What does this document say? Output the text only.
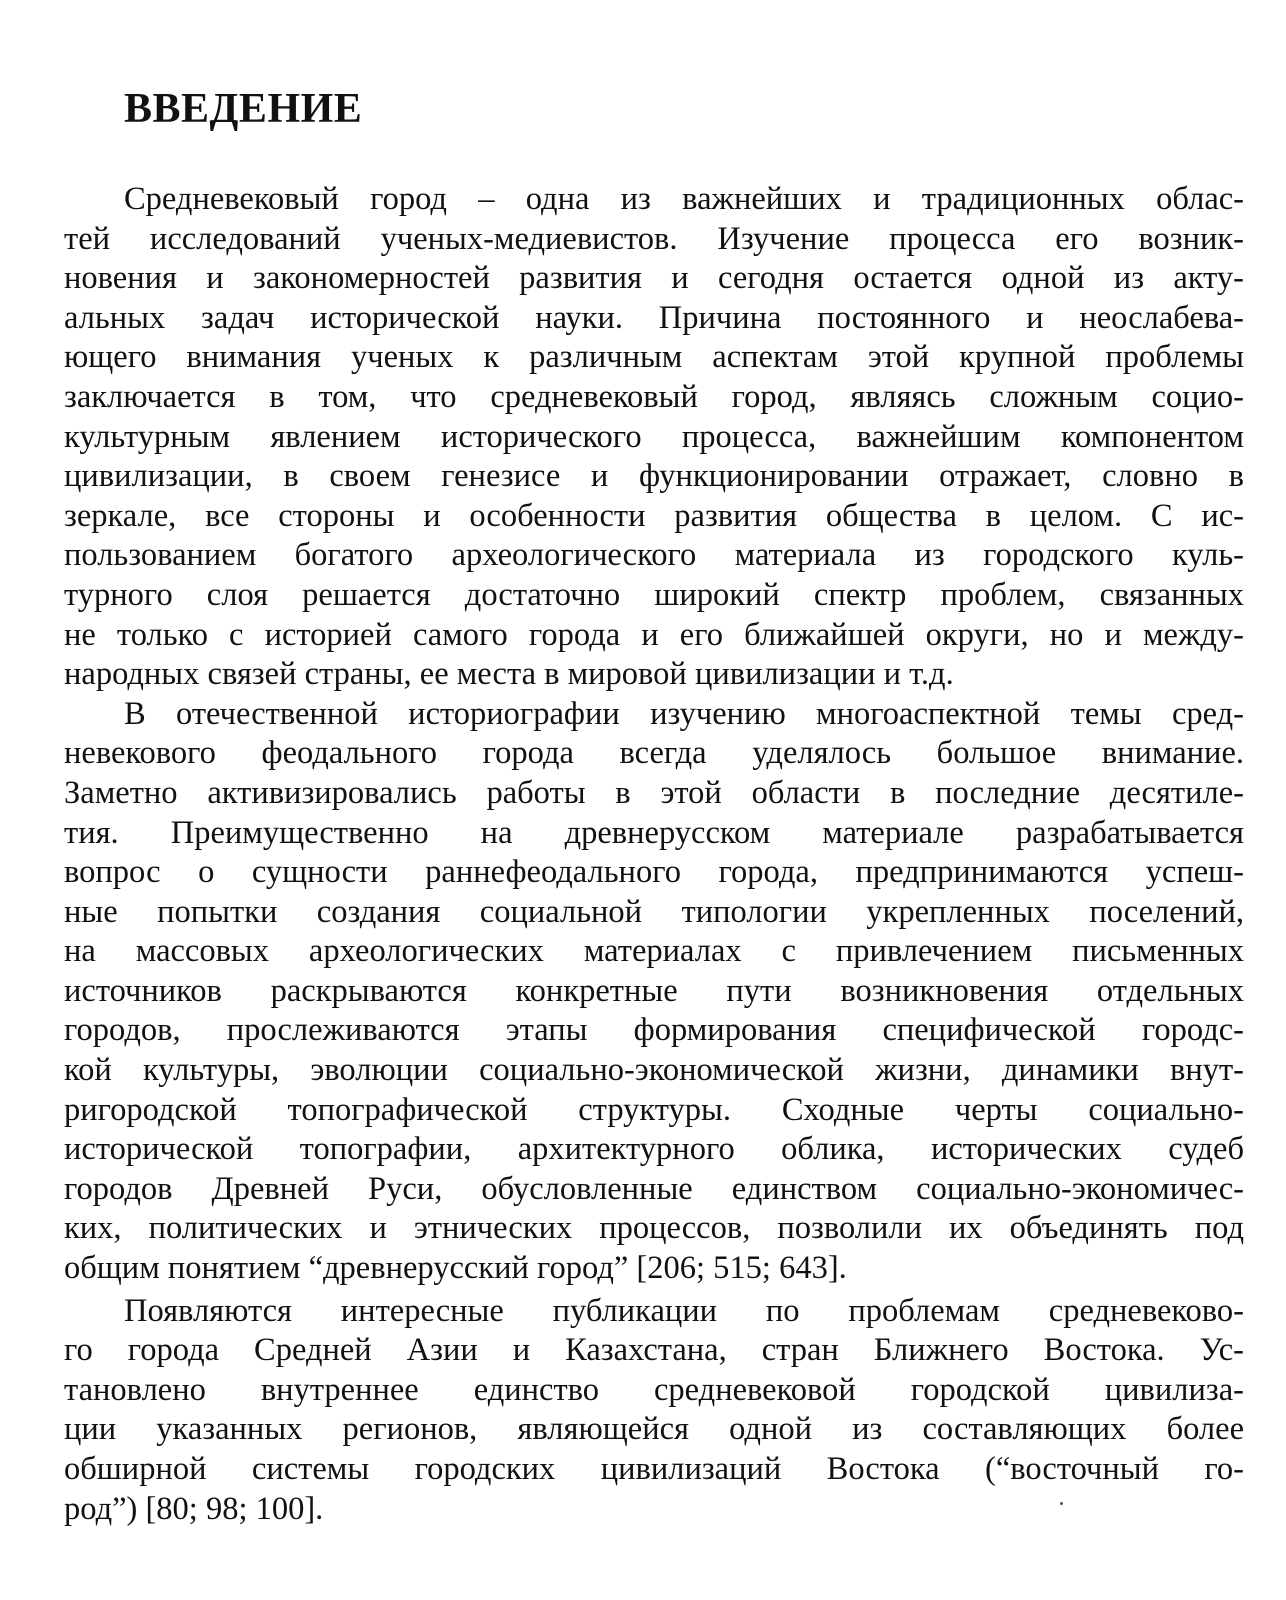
ВВЕДЕНИЕ
Средневековый город – одна из важнейших и традиционных облас-
тей исследований ученых-медиевистов. Изучение процесса его возник-
новения и закономерностей развития и сегодня остается одной из акту-
альных задач исторической науки. Причина постоянного и неослабева-
ющего внимания ученых к различным аспектам этой крупной проблемы
заключается в том, что средневековый город, являясь сложным социо-
культурным явлением исторического процесса, важнейшим компонентом
цивилизации, в своем генезисе и функционировании отражает, словно в
зеркале, все стороны и особенности развития общества в целом. С ис-
пользованием богатого археологического материала из городского куль-
турного слоя решается достаточно широкий спектр проблем, связанных
не только с историей самого города и его ближайшей округи, но и между-
народных связей страны, ее места в мировой цивилизации и т.д.
В отечественной историографии изучению многоаспектной темы сред-
невекового феодального города всегда уделялось большое внимание.
Заметно активизировались работы в этой области в последние десятиле-
тия. Преимущественно на древнерусском материале разрабатывается
вопрос о сущности раннефеодального города, предпринимаются успеш-
ные попытки создания социальной типологии укрепленных поселений,
на массовых археологических материалах с привлечением письменных
источников раскрываются конкретные пути возникновения отдельных
городов, прослеживаются этапы формирования специфической городс-
кой культуры, эволюции социально-экономической жизни, динамики внут-
ригородской топографической структуры. Сходные черты социально-
исторической топографии, архитектурного облика, исторических судеб
городов Древней Руси, обусловленные единством социально-экономичес-
ких, политических и этнических процессов, позволили их объединять под
общим понятием “древнерусский город” [206; 515; 643].
Появляются интересные публикации по проблемам средневеково-
го города Средней Азии и Казахстана, стран Ближнего Востока. Ус-
тановлено внутреннее единство средневековой городской цивилиза-
ции указанных регионов, являющейся одной из составляющих более
обширной системы городских цивилизаций Востока (“восточный го-
род”) [80; 98; 100].
